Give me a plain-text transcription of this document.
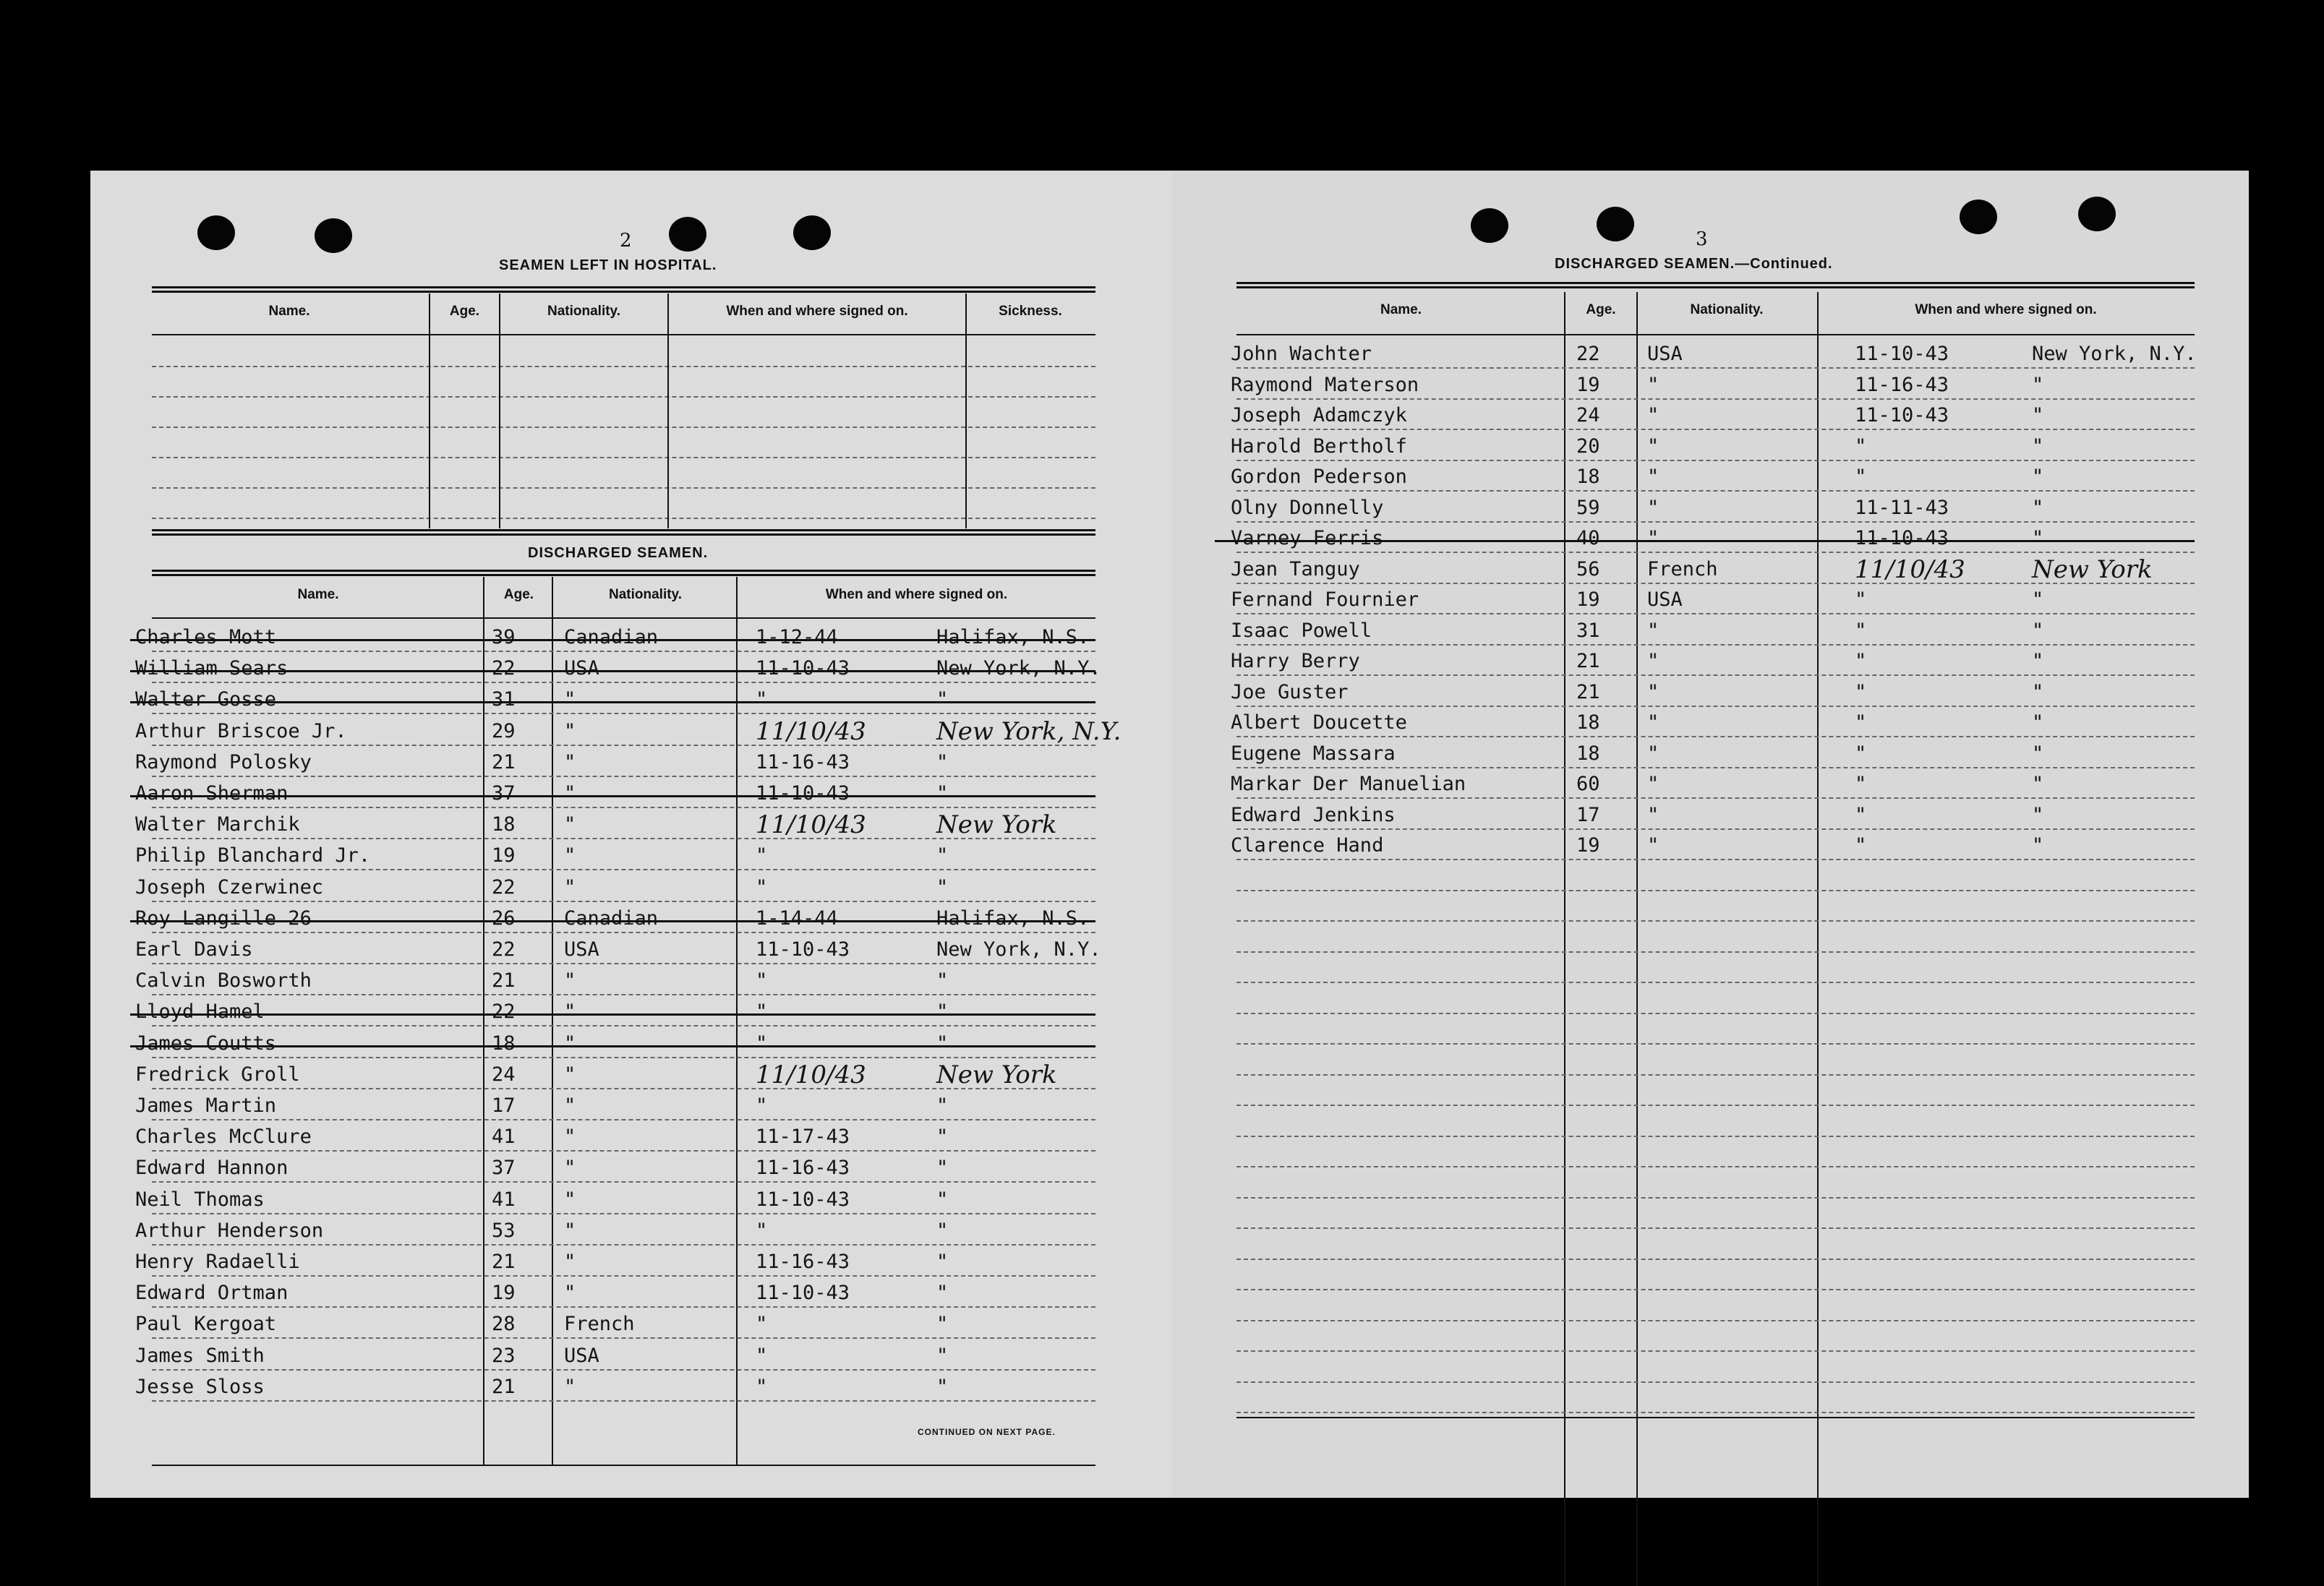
2
SEAMEN LEFT IN HOSPITAL.
Name.	Age.	Nationality.	When and where signed on.	Sickness.
DISCHARGED SEAMEN.
Name.	Age.	Nationality.	When and where signed on.
Charles Mott	39 Canadian	1-12-44	Halifax, N.S.
William Sears	22 USA	11-10-43	New York, N.Y.
Walter Gosse	31 "	"	"
Arthur Briscoe Jr.	29 "	11/10/43	New York, N.Y.
Raymond Polosky	21 "	11-16-43	"
Aaron Sherman	37 "	11-10-43	"
Walter Marchik	18 "	11/10/43	New York
Philip Blanchard Jr.	19 "	"	"
Joseph Czerwinec	22 "	"	"
Roy Langille 26	26 Canadian	1-14-44	Halifax, N.S.
Earl Davis	22 USA	11-10-43	New York, N.Y.
Calvin Bosworth	21 "	"	"
Lloyd Hamel	22 "	"	"
James Coutts	18 "	"	"
Fredrick Groll	24 "	11/10/43	New York
James Martin	17 "	"	"
Charles McClure	41 "	11-17-43	"
Edward Hannon	37 "	11-16-43	"
Neil Thomas	41 "	11-10-43	"
Arthur Henderson	53 "	"	"
Henry Radaelli	21 "	11-16-43	"
Edward Ortman	19 "	11-10-43	"
Paul Kergoat	28 French	"	"
James Smith	23 USA	"	"
Jesse Sloss	21 "	"	"
CONTINUED ON NEXT PAGE.
3
DISCHARGED SEAMEN.—Continued.
Name.	Age.	Nationality.	When and where signed on.
John Wachter	22 USA	11-10-43	New York, N.Y.
Raymond Materson	19 "	11-16-43	"
Joseph Adamczyk	24 "	11-10-43	"
Harold Bertholf	20 "	"	"
Gordon Pederson	18 "	"	"
Olny Donnelly	59 "	11-11-43	"
Varney Ferris	40 "	11-10-43	"
Jean Tanguy	56 French	11/10/43	New York
Fernand Fournier	19 USA	"	"
Isaac Powell	31 "	"	"
Harry Berry	21 "	"	"
Joe Guster	21 "	"	"
Albert Doucette	18 "	"	"
Eugene Massara	18 "	"	"
Markar Der Manuelian	60 "	"	"
Edward Jenkins	17 "	"	"
Clarence Hand	19 "	"	"
